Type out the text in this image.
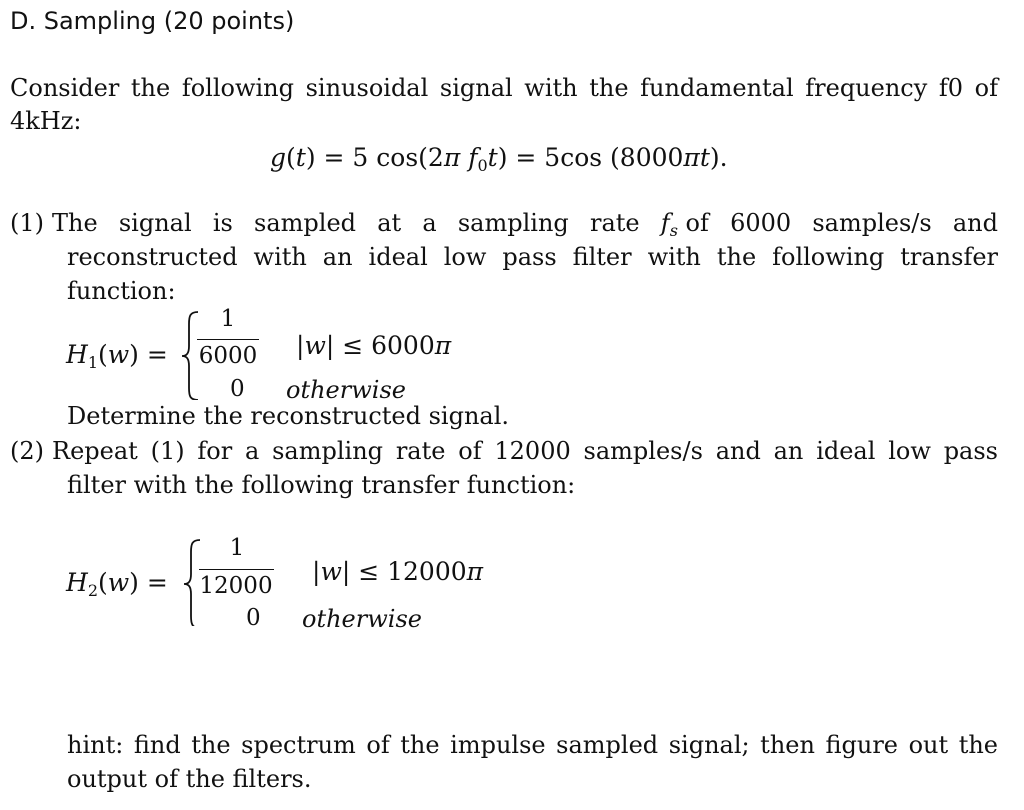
D. Sampling (20 points)
Consider the following sinusoidal signal with the fundamental frequency f0 of
4kHz:
g(t) = 5 cos(2π $f_0t) = 5\cos$ (8000πt).
(1) The signal is sampled at a sampling rate $f_s$ of 6000 samples/s and
reconstructed with an ideal low pass filter with the following transfer
function:
$H_1(w)$ =
1
6000 |w| ≤ 6000π
0 otherwise
Determine the reconstructed signal.
(2) Repeat (1) for a sampling rate of 12000 samples/s and an ideal low pass
filter with the following transfer function:
$H_2(w)$ =
1
12000 |w| ≤ 12000π
0 otherwise
hint: find the spectrum of the impulse sampled signal; then figure out the
output of the filters.
